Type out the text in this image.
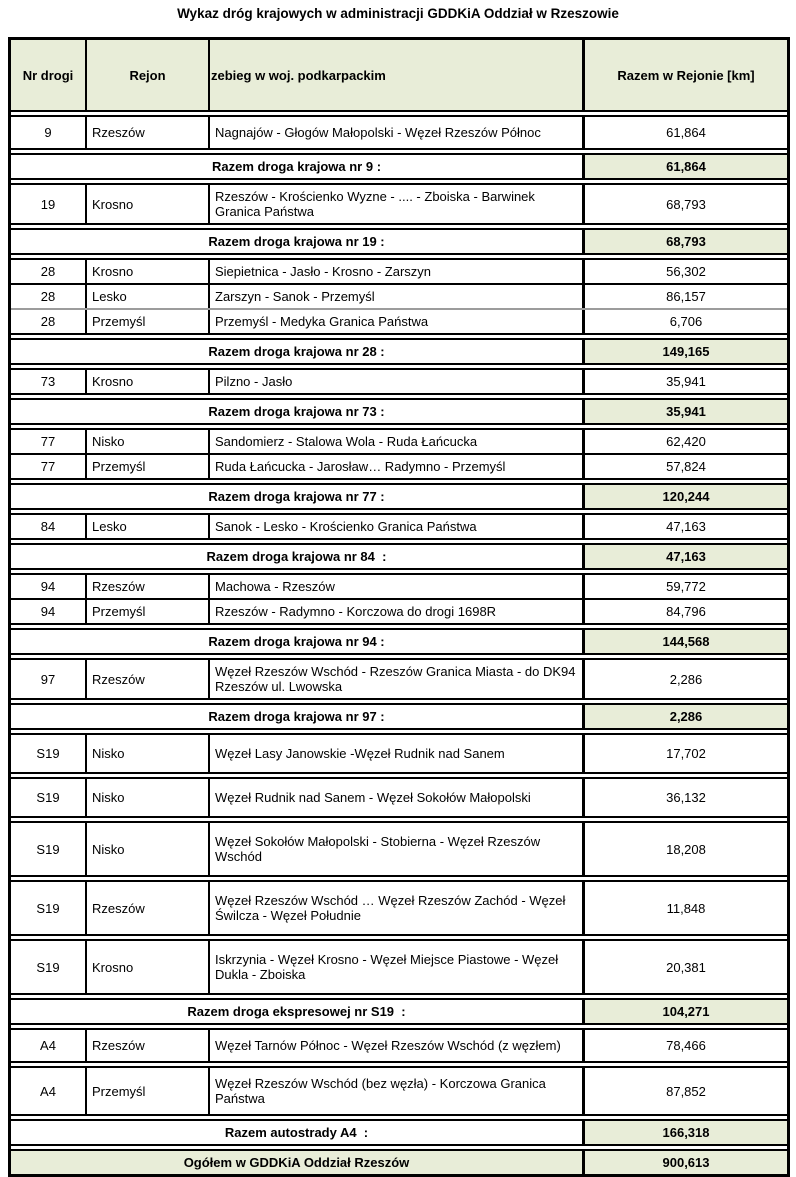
Wykaz dróg krajowych w administracji GDDKiA Oddział w Rzeszowie
Nr drogi	Rejon	zebieg w woj. podkarpackim	Razem w Rejonie [km]
9	Rzeszów	Nagnajów - Głogów Małopolski - Węzeł Rzeszów Północ	61,864
Razem droga krajowa nr 9 :	61,864
19	Krosno	Rzeszów - Krościenko Wyzne - .... - Zboiska - Barwinek Granica Państwa	68,793
Razem droga krajowa nr 19 :	68,793
28	Krosno	Siepietnica - Jasło - Krosno - Zarszyn	56,302
28	Lesko	Zarszyn - Sanok - Przemyśl	86,157
28	Przemyśl	Przemyśl - Medyka Granica Państwa	6,706
Razem droga krajowa nr 28 :	149,165
73	Krosno	Pilzno - Jasło	35,941
Razem droga krajowa nr 73 :	35,941
77	Nisko	Sandomierz - Stalowa Wola - Ruda Łańcucka	62,420
77	Przemyśl	Ruda Łańcucka - Jarosław… Radymno - Przemyśl	57,824
Razem droga krajowa nr 77 :	120,244
84	Lesko	Sanok - Lesko - Krościenko Granica Państwa	47,163
Razem droga krajowa nr 84  :	47,163
94	Rzeszów	Machowa - Rzeszów	59,772
94	Przemyśl	Rzeszów - Radymno - Korczowa do drogi 1698R	84,796
Razem droga krajowa nr 94 :	144,568
97	Rzeszów	Węzeł Rzeszów Wschód - Rzeszów Granica Miasta - do DK94 Rzeszów ul. Lwowska	2,286
Razem droga krajowa nr 97 :	2,286
S19	Nisko	Węzeł Lasy Janowskie -Węzeł Rudnik nad Sanem	17,702
S19	Nisko	Węzeł Rudnik nad Sanem - Węzeł Sokołów Małopolski	36,132
S19	Nisko	Węzeł Sokołów Małopolski - Stobierna - Węzeł Rzeszów Wschód	18,208
S19	Rzeszów	Węzeł Rzeszów Wschód … Węzeł Rzeszów Zachód - Węzeł Świlcza - Węzeł Południe	11,848
S19	Krosno	Iskrzynia - Węzeł Krosno - Węzeł Miejsce Piastowe - Węzeł Dukla - Zboiska	20,381
Razem droga ekspresowej nr S19  :	104,271
A4	Rzeszów	Węzeł Tarnów Północ - Węzeł Rzeszów Wschód (z węzłem)	78,466
A4	Przemyśl	Węzeł Rzeszów Wschód (bez węzła) - Korczowa Granica Państwa	87,852
Razem autostrady A4  :	166,318
Ogółem w GDDKiA Oddział Rzeszów	900,613
